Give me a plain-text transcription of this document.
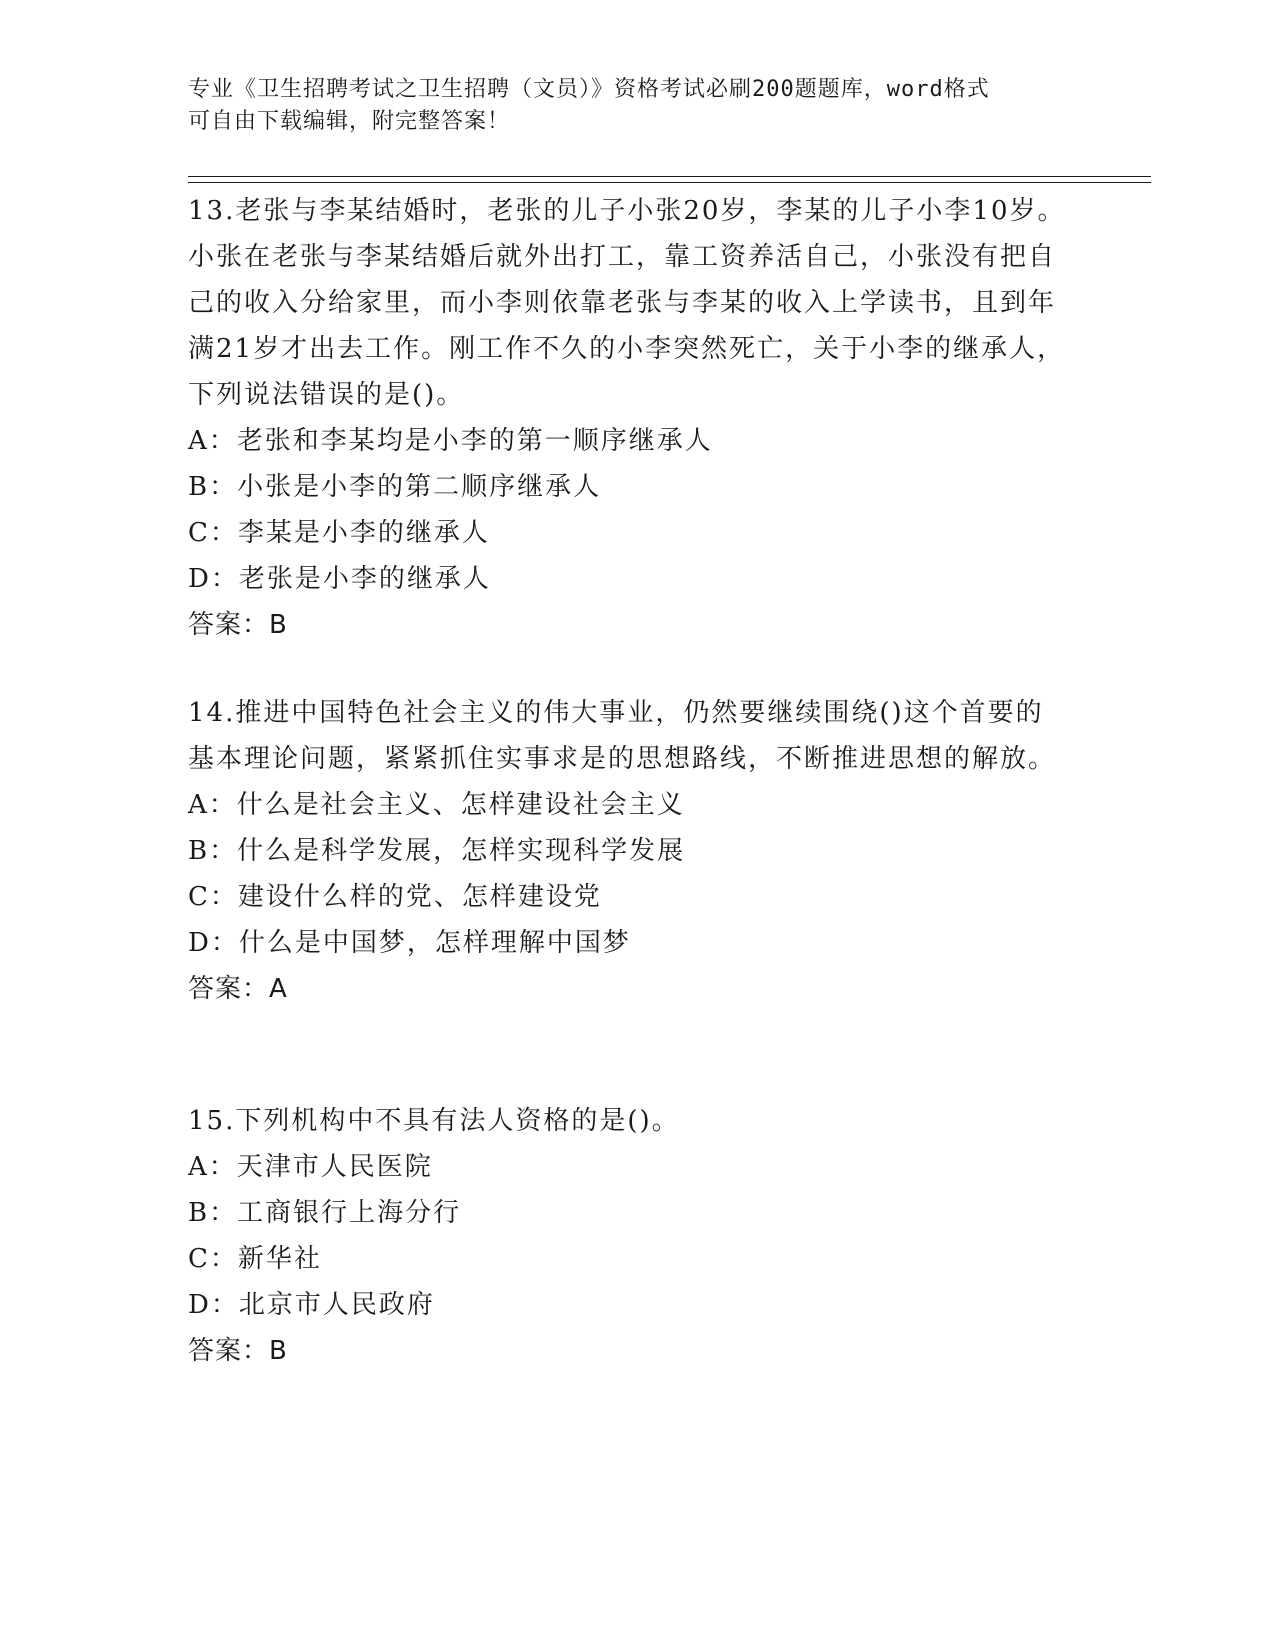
专业《卫生招聘考试之卫生招聘（文员）》资格考试必刷200题题库，word格式
可自由下载编辑，附完整答案！

13.老张与李某结婚时，老张的儿子小张20岁，李某的儿子小李10岁。小张在老张与李某结婚后就外出打工，靠工资养活自己，小张没有把自己的收入分给家里，而小李则依靠老张与李某的收入上学读书，且到年满21岁才出去工作。刚工作不久的小李突然死亡，关于小李的继承人，下列说法错误的是()。

A：老张和李某均是小李的第一顺序继承人

B：小张是小李的第二顺序继承人

C：李某是小李的继承人

D：老张是小李的继承人

答案：B

14.推进中国特色社会主义的伟大事业，仍然要继续围绕()这个首要的基本理论问题，紧紧抓住实事求是的思想路线，不断推进思想的解放。

A：什么是社会主义、怎样建设社会主义

B：什么是科学发展，怎样实现科学发展

C：建设什么样的党、怎样建设党

D：什么是中国梦，怎样理解中国梦

答案：A

15.下列机构中不具有法人资格的是()。

A：天津市人民医院

B：工商银行上海分行

C：新华社

D：北京市人民政府

答案：B
